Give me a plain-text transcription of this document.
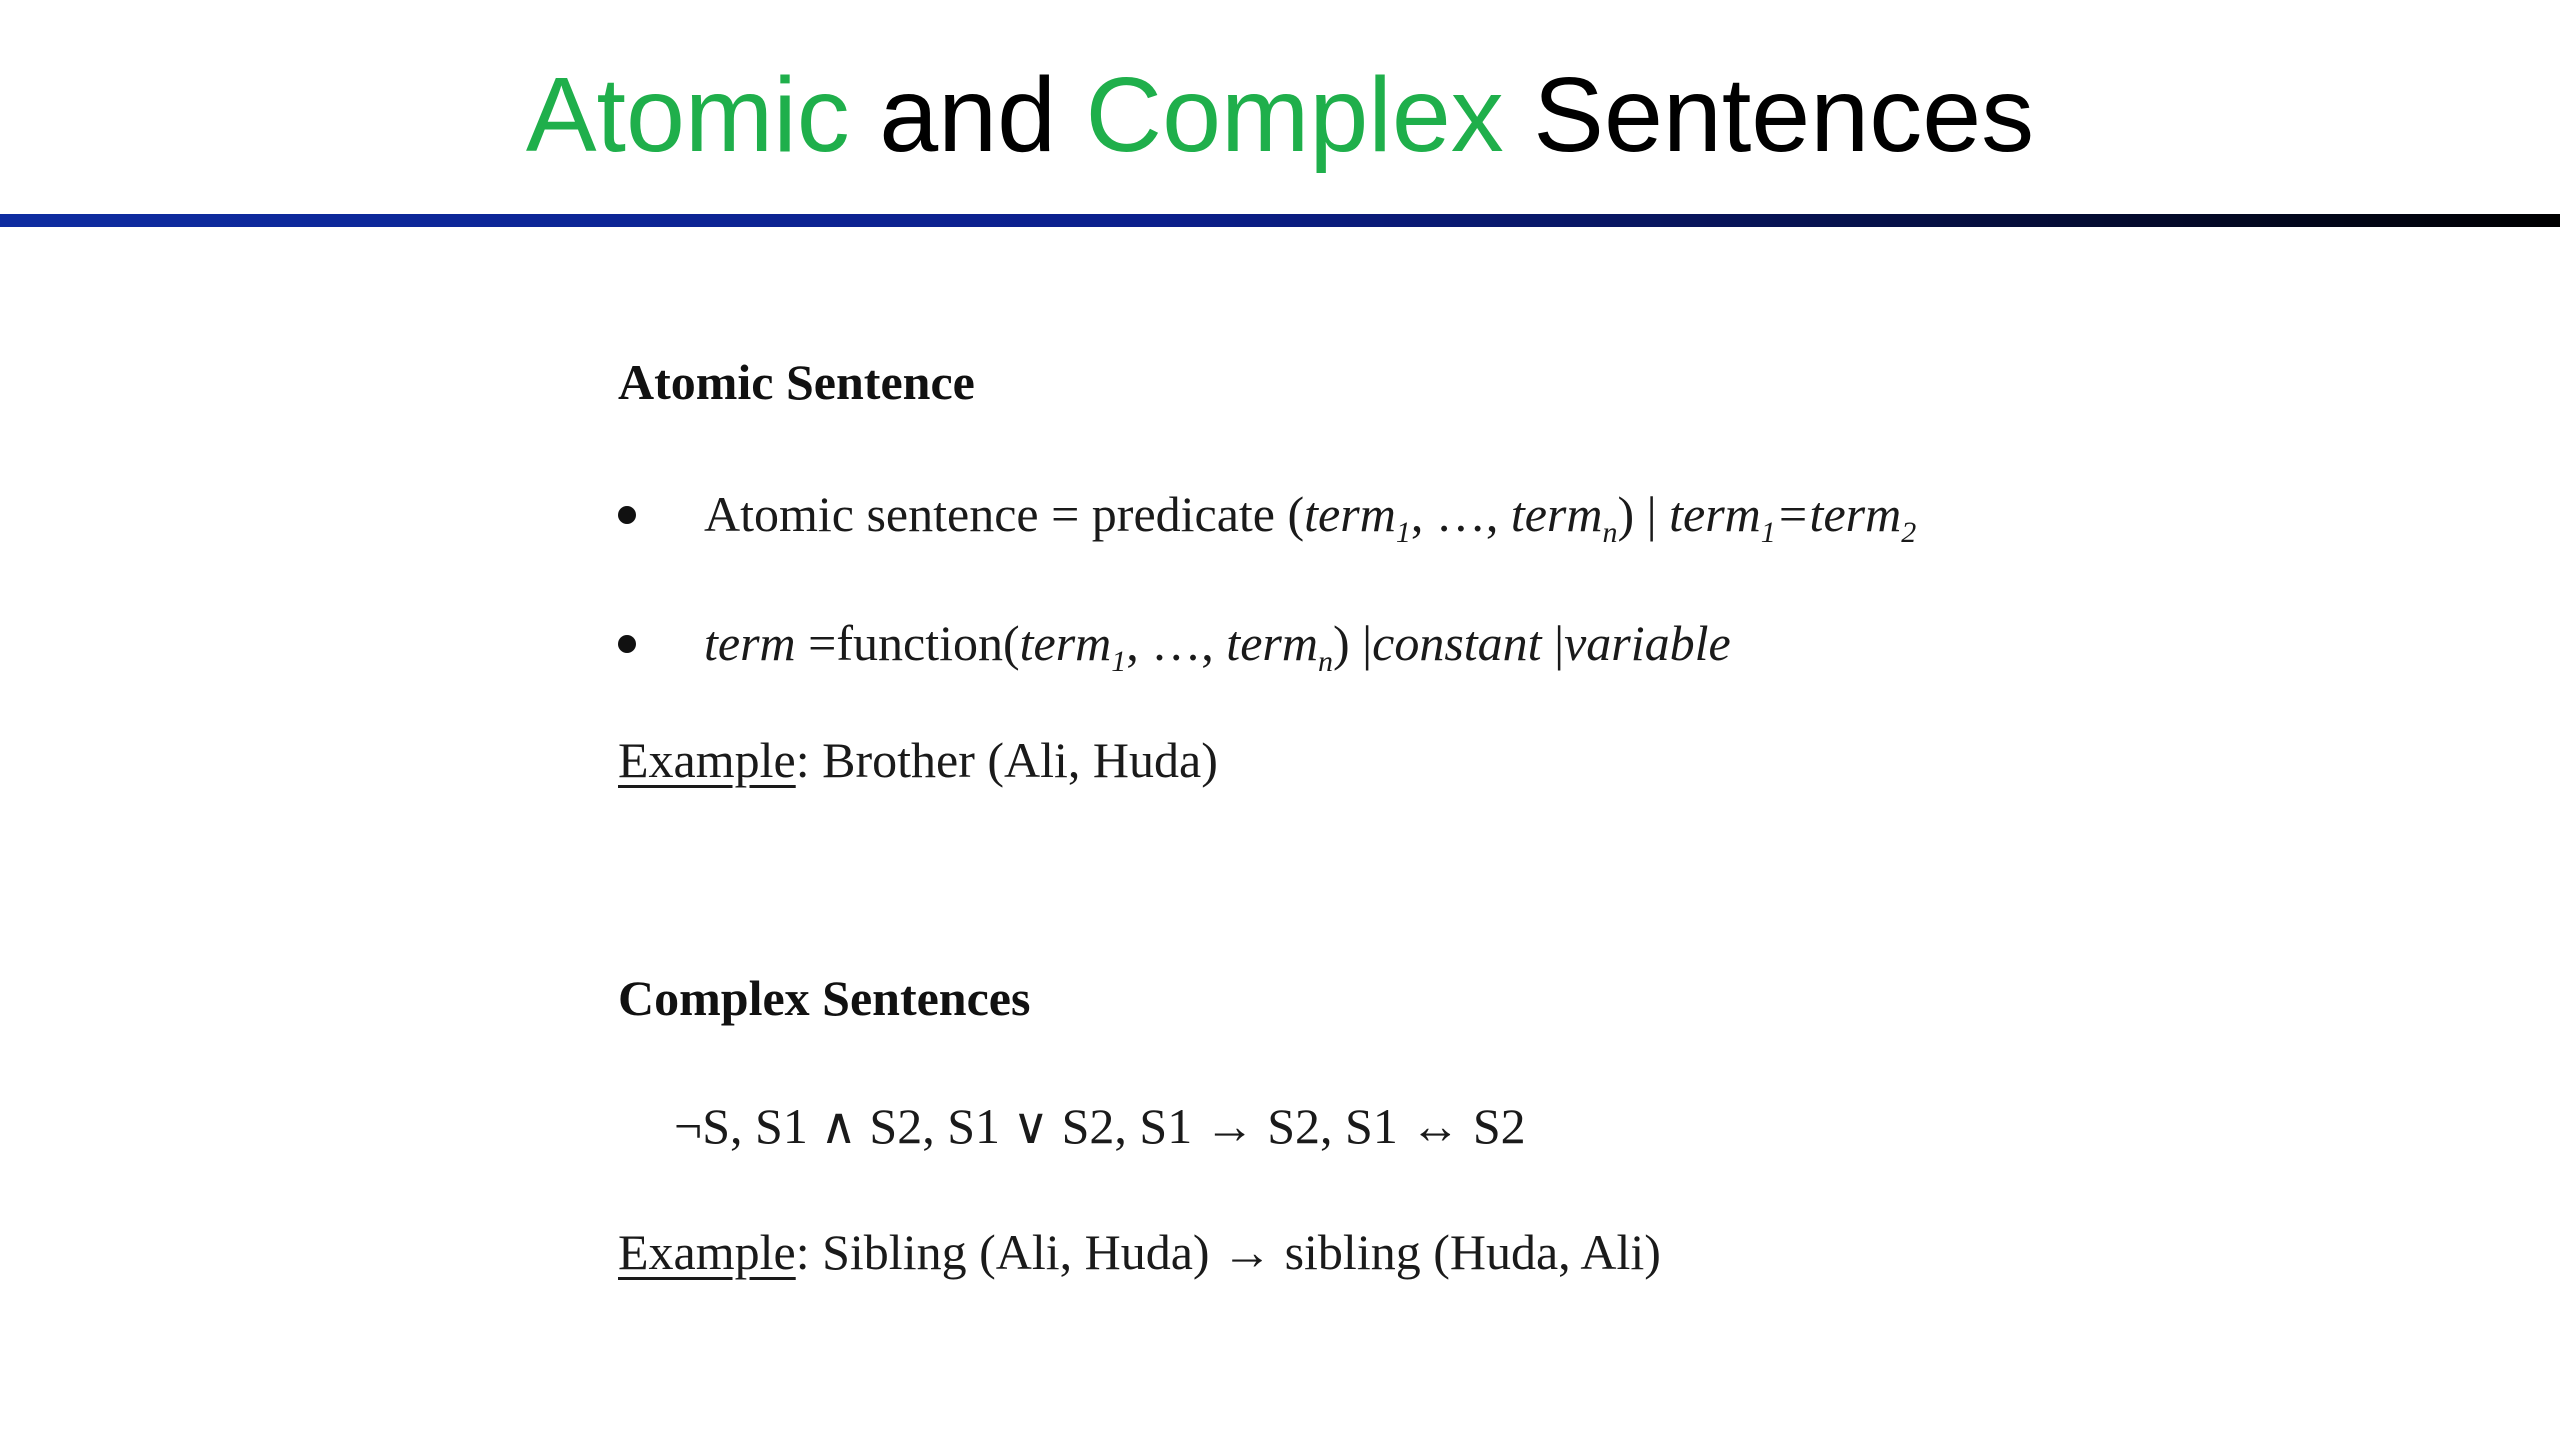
Atomic and Complex Sentences
Atomic Sentence
Atomic sentence = predicate (term$_1$, …, term$_n$) | term$_1$=term$_2$
term =function(term$_1$, …, term$_n$) |constant |variable
Example: Brother (Ali, Huda)
Complex Sentences
¬S, S1 ∧ S2, S1 ∨ S2, S1 → S2, S1 ↔ S2
Example: Sibling (Ali, Huda) → sibling (Huda, Ali)
